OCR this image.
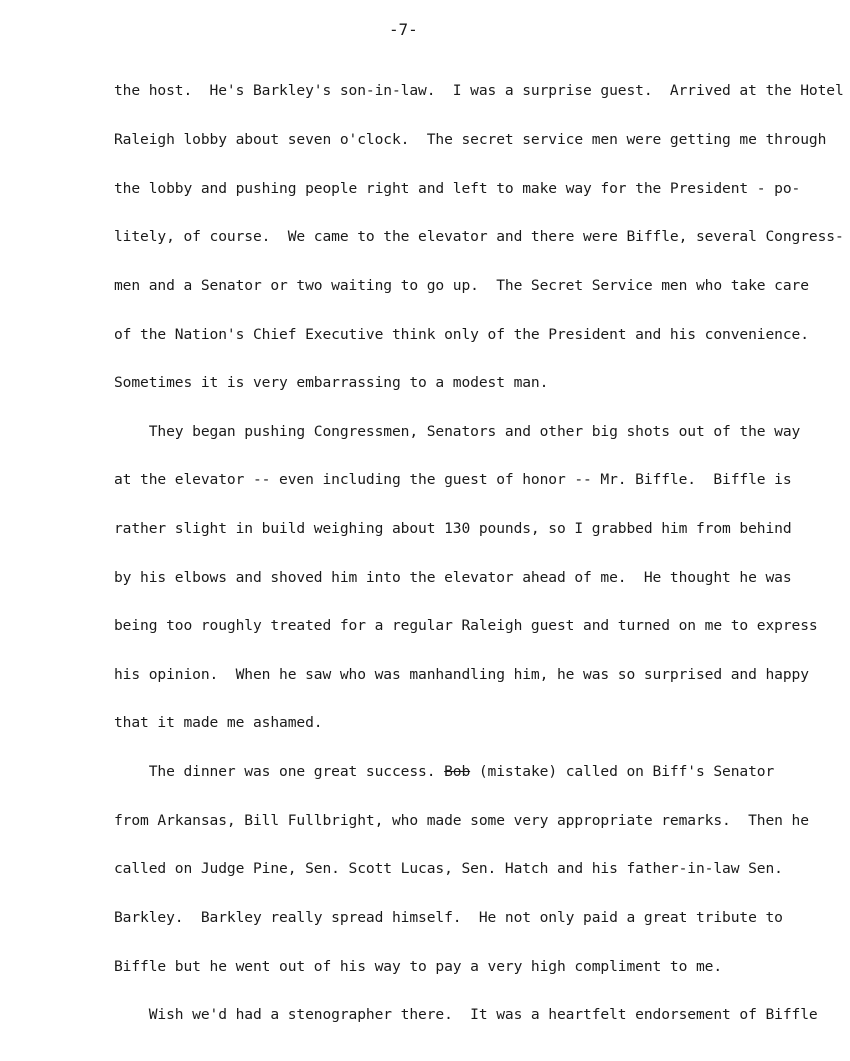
-7-
the host.  He's Barkley's son-in-law.  I was a surprise guest.  Arrived at the Hotel
Raleigh lobby about seven o'clock.  The secret service men were getting me through
the lobby and pushing people right and left to make way for the President - po-
litely, of course.  We came to the elevator and there were Biffle, several Congress-
men and a Senator or two waiting to go up.  The Secret Service men who take care
of the Nation's Chief Executive think only of the President and his convenience.
Sometimes it is very embarrassing to a modest man.
They began pushing Congressmen, Senators and other big shots out of the way
at the elevator -- even including the guest of honor -- Mr. Biffle.  Biffle is
rather slight in build weighing about 130 pounds, so I grabbed him from behind
by his elbows and shoved him into the elevator ahead of me.  He thought he was
being too roughly treated for a regular Raleigh guest and turned on me to express
his opinion.  When he saw who was manhandling him, he was so surprised and happy
that it made me ashamed.
The dinner was one great success. Bob (mistake) called on Biff's Senator
from Arkansas, Bill Fullbright, who made some very appropriate remarks.  Then he
called on Judge Pine, Sen. Scott Lucas, Sen. Hatch and his father-in-law Sen.
Barkley.  Barkley really spread himself.  He not only paid a great tribute to
Biffle but he went out of his way to pay a very high compliment to me.
Wish we'd had a stenographer there.  It was a heartfelt endorsement of Biffle
